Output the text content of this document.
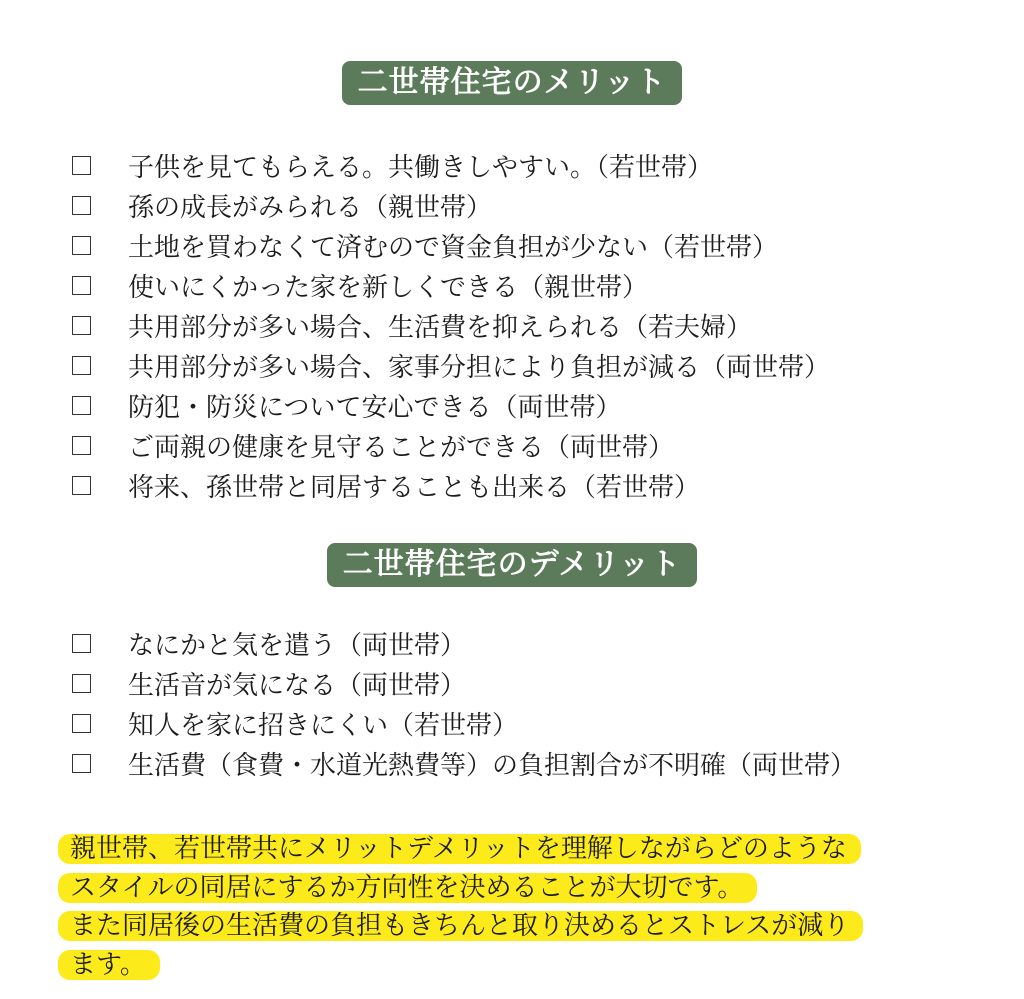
二世帯住宅のメリット
子供を見てもらえる。共働きしやすい。（若世帯）
孫の成長がみられる（親世帯）
土地を買わなくて済むので資金負担が少ない（若世帯）
使いにくかった家を新しくできる（親世帯）
共用部分が多い場合、生活費を抑えられる（若夫婦）
共用部分が多い場合、家事分担により負担が減る（両世帯）
防犯・防災について安心できる（両世帯）
ご両親の健康を見守ることができる（両世帯）
将来、孫世帯と同居することも出来る（若世帯）
二世帯住宅のデメリット
なにかと気を遣う（両世帯）
生活音が気になる（両世帯）
知人を家に招きにくい（若世帯）
生活費（食費・水道光熱費等）の負担割合が不明確（両世帯）
親世帯、若世帯共にメリットデメリットを理解しながらどのような
スタイルの同居にするか方向性を決めることが大切です。
また同居後の生活費の負担もきちんと取り決めるとストレスが減り
ます。
